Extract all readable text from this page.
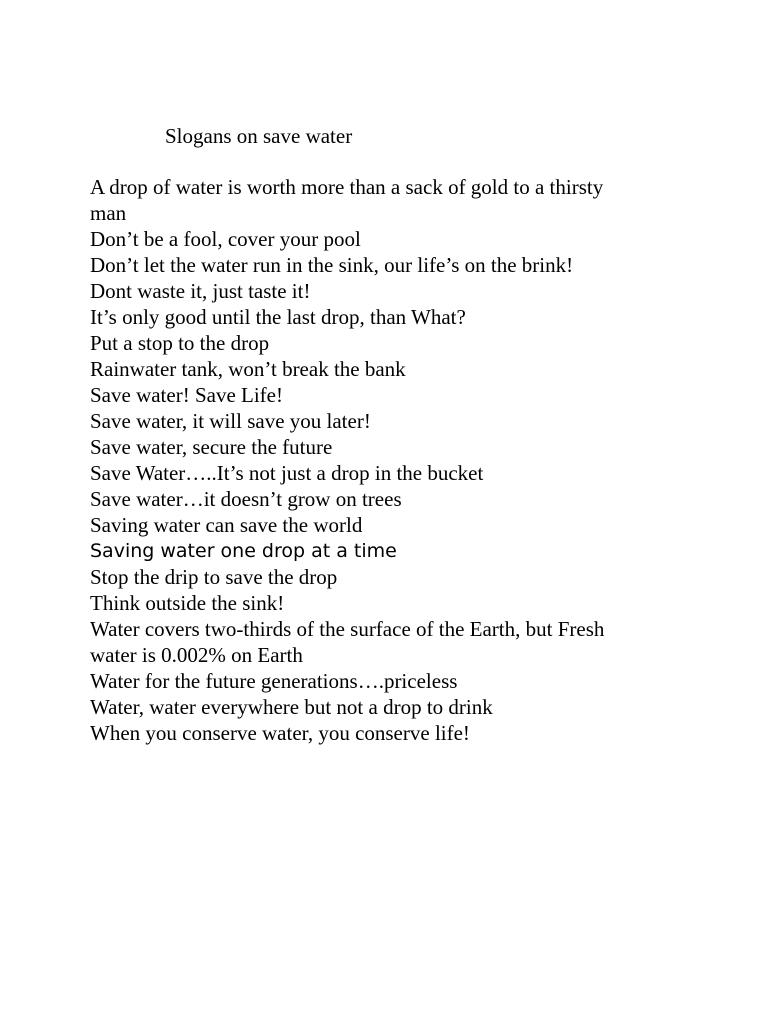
Slogans on save water
A drop of water is worth more than a sack of gold to a thirsty
man
Don’t be a fool, cover your pool
Don’t let the water run in the sink, our life’s on the brink!
Dont waste it, just taste it!
It’s only good until the last drop, than What?
Put a stop to the drop
Rainwater tank, won’t break the bank
Save water! Save Life!
Save water, it will save you later!
Save water, secure the future
Save Water…..It’s not just a drop in the bucket
Save water…it doesn’t grow on trees
Saving water can save the world
Saving water one drop at a time
Stop the drip to save the drop
Think outside the sink!
Water covers two-thirds of the surface of the Earth, but Fresh
water is 0.002% on Earth
Water for the future generations….priceless
Water, water everywhere but not a drop to drink
When you conserve water, you conserve life!
